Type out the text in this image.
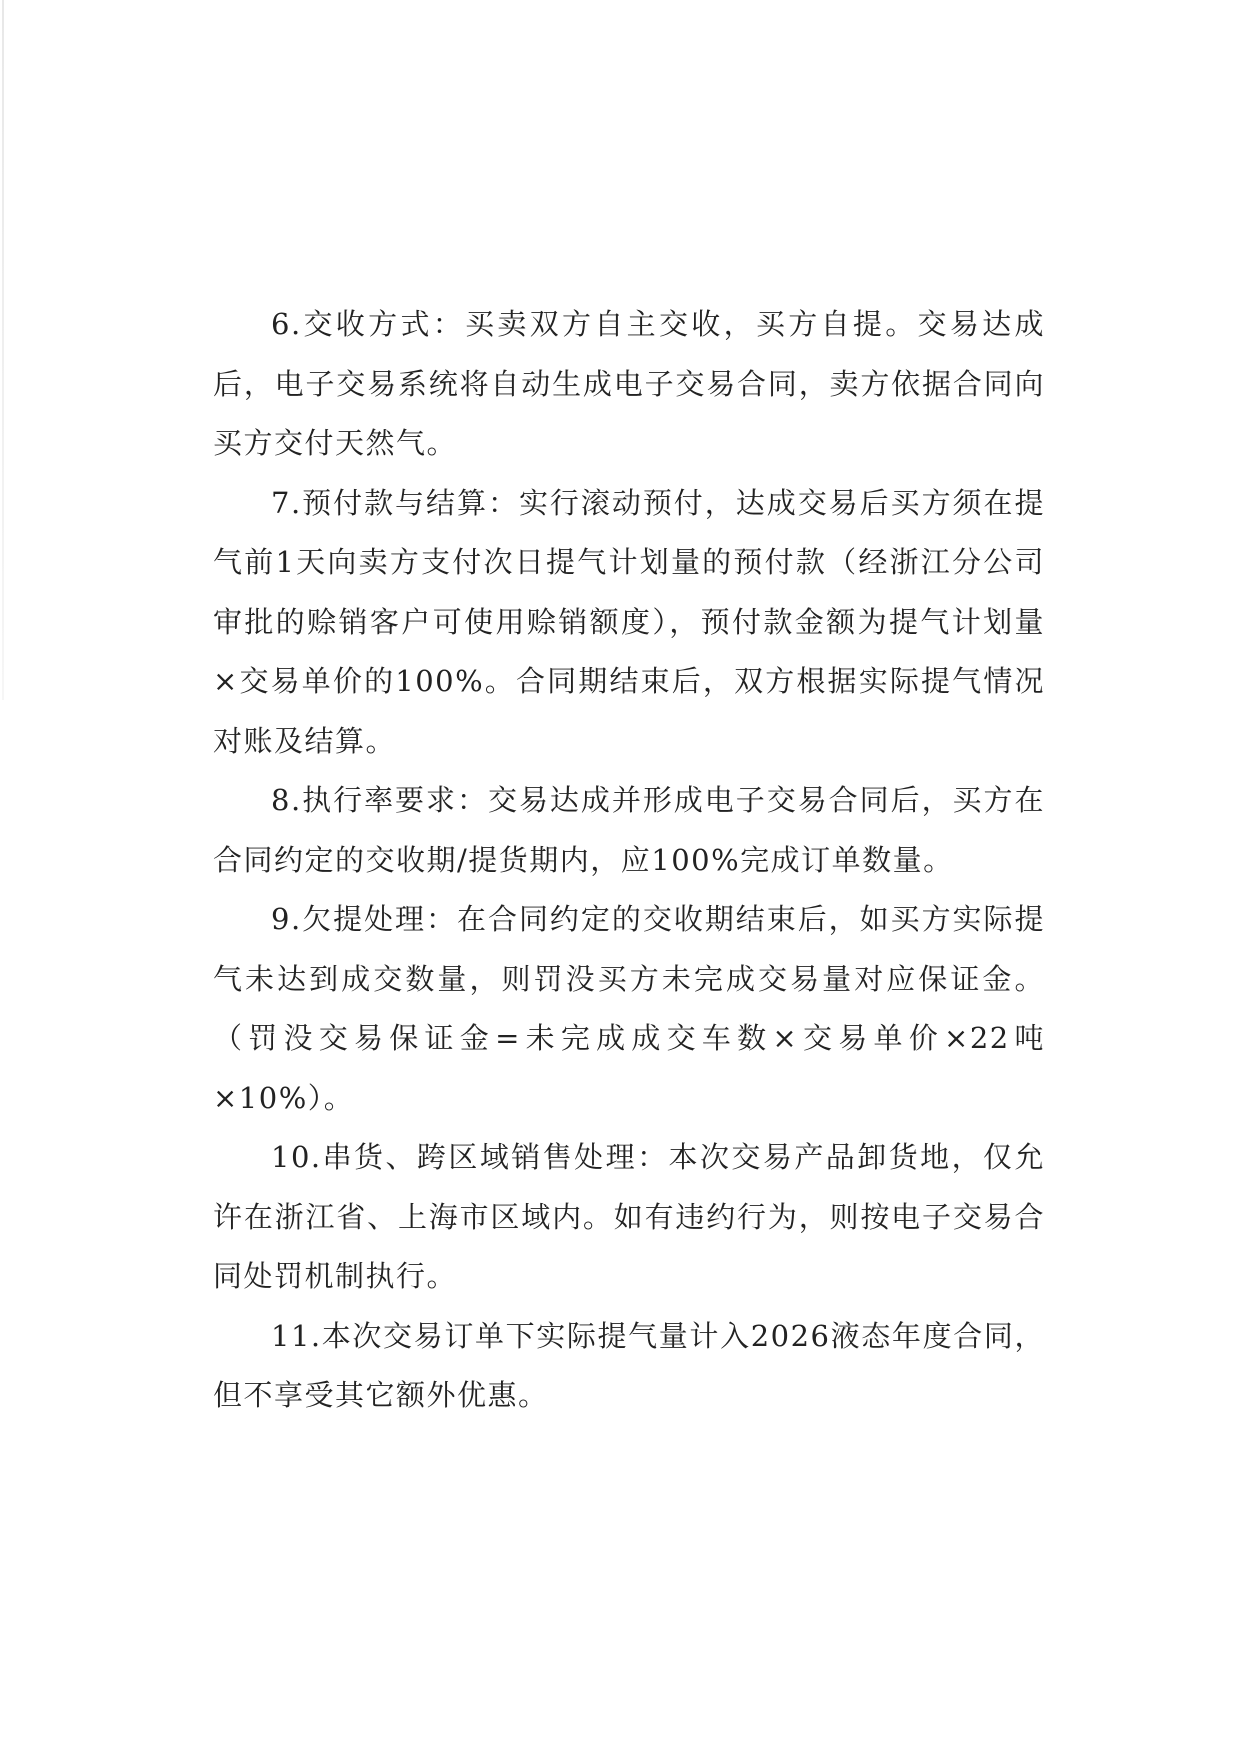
6.交收方式：买卖双方自主交收，买方自提。交易达成后，电子交易系统将自动生成电子交易合同，卖方依据合同向买方交付天然气。

7.预付款与结算：实行滚动预付，达成交易后买方须在提气前1天向卖方支付次日提气计划量的预付款（经浙江分公司审批的赊销客户可使用赊销额度），预付款金额为提气计划量×交易单价的100%。合同期结束后，双方根据实际提气情况对账及结算。

8.执行率要求：交易达成并形成电子交易合同后，买方在合同约定的交收期/提货期内，应100%完成订单数量。

9.欠提处理：在合同约定的交收期结束后，如买方实际提气未达到成交数量，则罚没买方未完成交易量对应保证金。（罚没交易保证金=未完成成交车数×交易单价×22吨×10%）。

10.串货、跨区域销售处理：本次交易产品卸货地，仅允许在浙江省、上海市区域内。如有违约行为，则按电子交易合同处罚机制执行。

11.本次交易订单下实际提气量计入2026液态年度合同，但不享受其它额外优惠。
